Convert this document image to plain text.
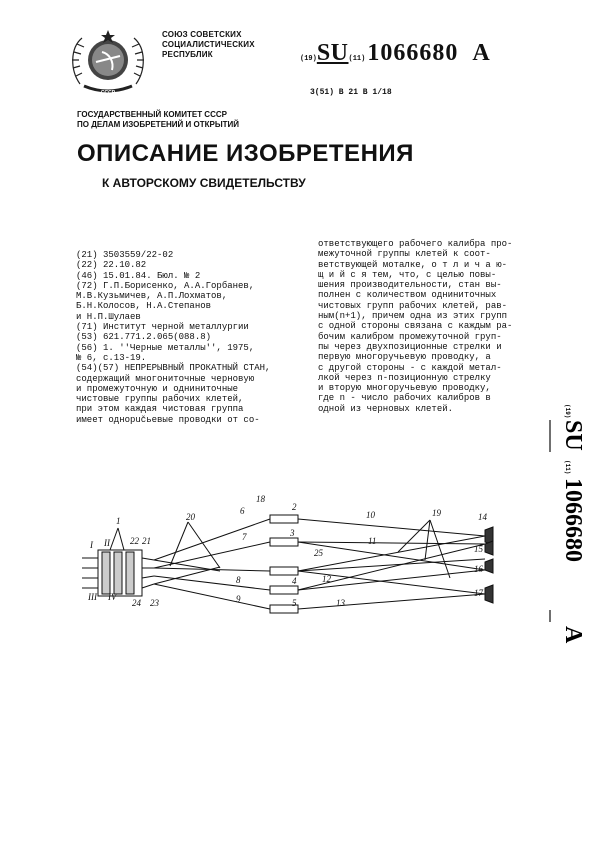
СССР
СОЮЗ СОВЕТСКИХ
СОЦИАЛИСТИЧЕСКИХ
РЕСПУБЛИК	(19)SU(11)1066680 A
3(51) В 21 В 1/18
ГОСУДАРСТВЕННЫЙ КОМИТЕТ СССР
ПО ДЕЛАМ ИЗОБРЕТЕНИЙ И ОТКРЫТИЙ
ОПИСАНИЕ ИЗОБРЕТЕНИЯ
К АВТОРСКОМУ СВИДЕТЕЛЬСТВУ
(21) 3503559/22-02
(22) 22.10.82
(46) 15.01.84. Бюл. № 2
(72) Г.П.Борисенко, А.А.Горбанев,
М.В.Кузьмичев, А.П.Лохматов,
Б.Н.Колосов, Н.А.Степанов
и Н.П.Шулаев
(71) Институт черной металлургии
(53) 621.771.2.065(088.8)
(56) 1. ''Черные металлы'', 1975,
№ 6, с.13-19.
(54)(57) НЕПРЕРЫВНЫЙ ПРОКАТНЫЙ СТАН,
содержащий многониточные черновую
и промежуточную и одниниточные
чистовые группы рабочих клетей,
при этом каждая чистовая группа
имеет однорučьевые проводки от со-
ответствующего рабочего калибра про-
межуточной группы клетей к соот-
ветствующей моталке, о т л и ч а ю-
щ и й с я тем, что, с целью повы-
шения производительности, стан вы-
полнен с количеством одниниточных
чистовых групп рабочих клетей, рав-
ным(n+1), причем одна из этих групп
с одной стороны связана с каждым ра-
бочим калибром промежуточной груп-
пы через двухпозиционные стрелки и
первую многоручьевую проводку, а
с другой стороны - с каждой метал-
лкой через n-позиционную стрелку
и вторую многоручьевую проводку,
где n - число рабочих калибров в
одной из черновых клетей.	(19)
SU
(11)
1066680
A
I
III IV
II
1
2
3
4
5
6
7
8
9
10
11
12
13
14
15
16
17
18
19
20
21
22
23
24
25
